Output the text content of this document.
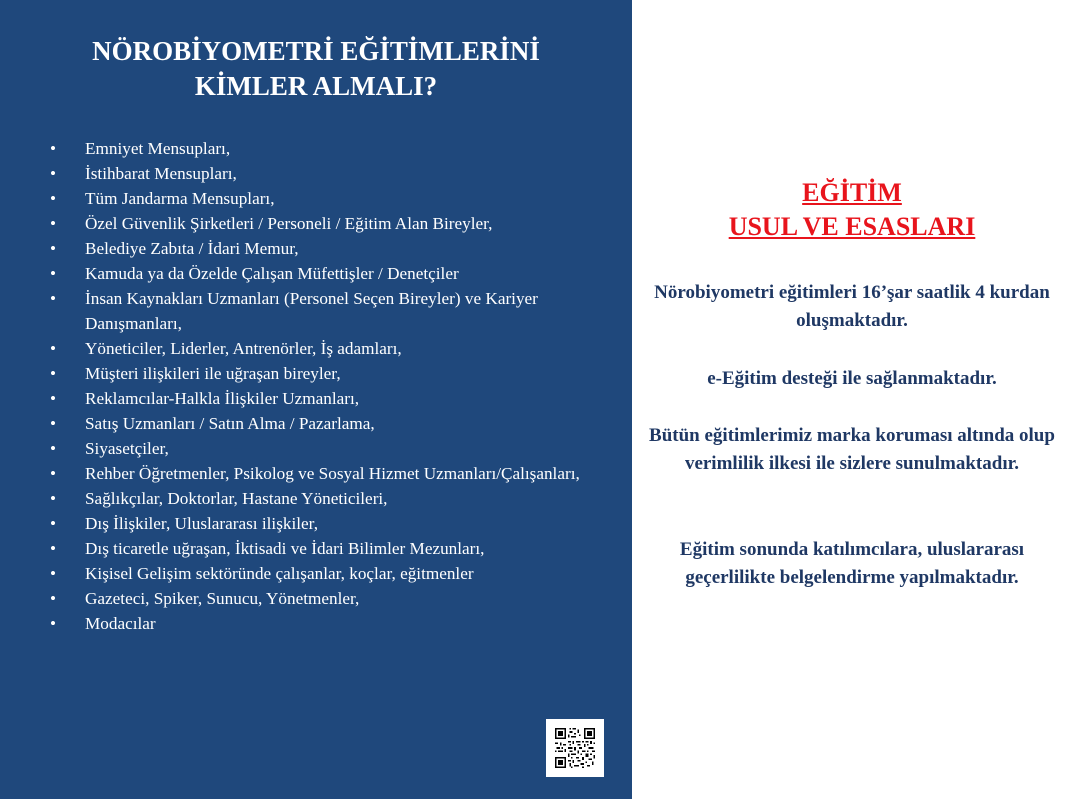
NÖROBİYOMETRİ EĞİTİMLERİNİ
KİMLER ALMALI?
• Emniyet Mensupları,
• İstihbarat Mensupları,
• Tüm Jandarma Mensupları,
• Özel Güvenlik Şirketleri / Personeli / Eğitim Alan Bireyler,
• Belediye Zabıta / İdari Memur,
• Kamuda ya da Özelde Çalışan Müfettişler / Denetçiler
• İnsan Kaynakları Uzmanları (Personel Seçen Bireyler) ve Kariyer Danışmanları,
• Yöneticiler, Liderler, Antrenörler, İş adamları,
• Müşteri ilişkileri ile uğraşan bireyler,
• Reklamcılar-Halkla İlişkiler Uzmanları,
• Satış Uzmanları / Satın Alma / Pazarlama,
• Siyasetçiler,
• Rehber Öğretmenler, Psikolog ve Sosyal Hizmet Uzmanları/Çalışanları,
• Sağlıkçılar, Doktorlar, Hastane Yöneticileri,
• Dış İlişkiler, Uluslararası ilişkiler,
• Dış ticaretle uğraşan, İktisadi ve İdari Bilimler Mezunları,
• Kişisel Gelişim sektöründe çalışanlar, koçlar, eğitmenler
• Gazeteci, Spiker, Sunucu, Yönetmenler,
• Modacılar
EĞİTİM
USUL VE ESASLARI

Nörobiyometri eğitimleri 16’şar saatlik 4 kurdan oluşmaktadır.

e-Eğitim desteği ile sağlanmaktadır.

Bütün eğitimlerimiz marka koruması altında olup verimlilik ilkesi ile sizlere sunulmaktadır.

Eğitim sonunda katılımcılara, uluslararası geçerlilikte belgelendirme yapılmaktadır.
